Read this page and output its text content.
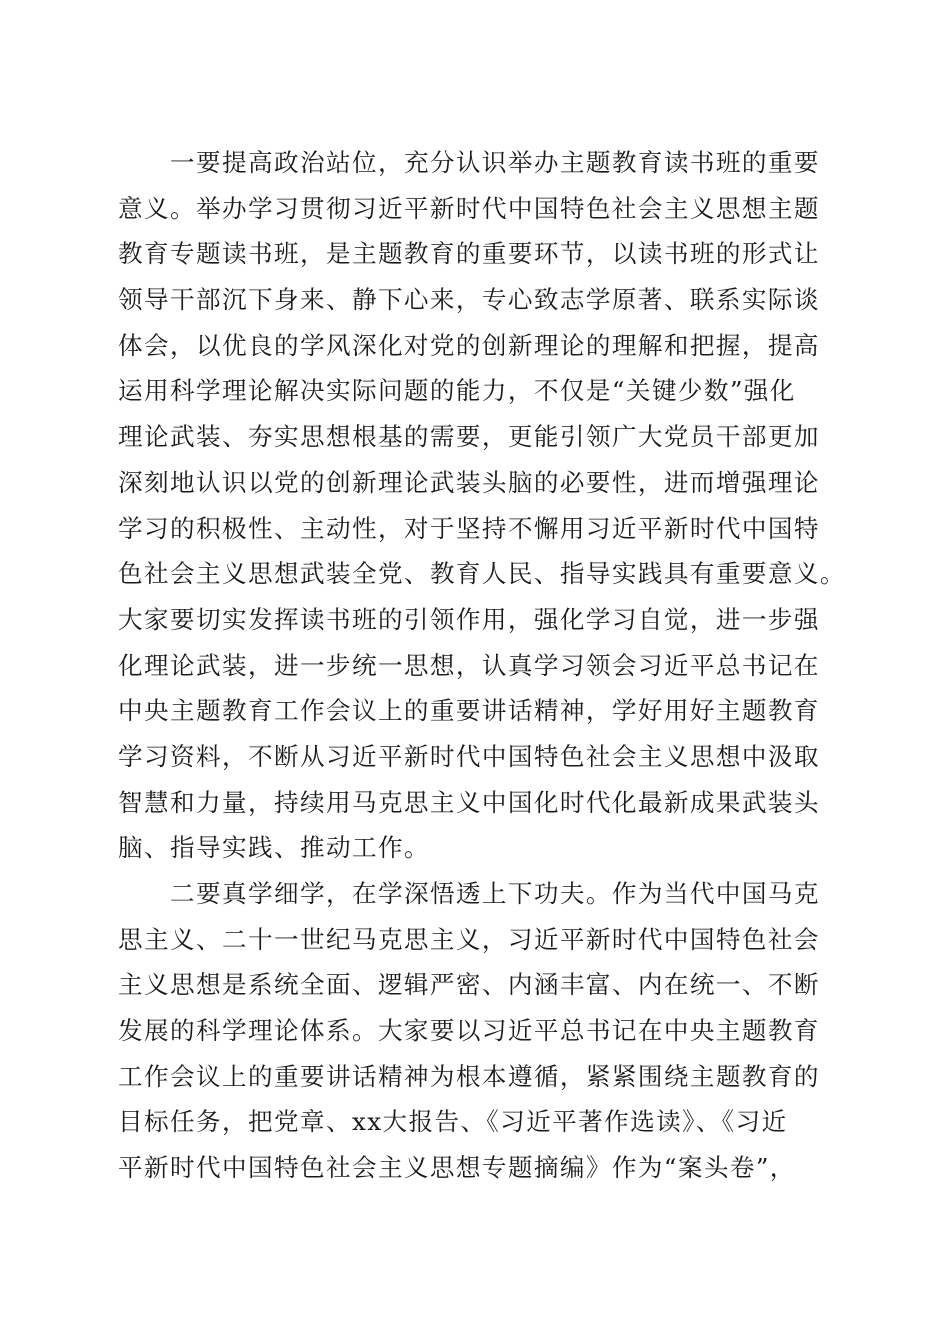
一要提高政治站位，充分认识举办主题教育读书班的重要
意义。举办学习贯彻习近平新时代中国特色社会主义思想主题
教育专题读书班，是主题教育的重要环节，以读书班的形式让
领导干部沉下身来、静下心来，专心致志学原著、联系实际谈
体会，以优良的学风深化对党的创新理论的理解和把握，提高
运用科学理论解决实际问题的能力，不仅是“关键少数”强化
理论武装、夯实思想根基的需要，更能引领广大党员干部更加
深刻地认识以党的创新理论武装头脑的必要性，进而增强理论
学习的积极性、主动性，对于坚持不懈用习近平新时代中国特
色社会主义思想武装全党、教育人民、指导实践具有重要意义。
大家要切实发挥读书班的引领作用，强化学习自觉，进一步强
化理论武装，进一步统一思想，认真学习领会习近平总书记在
中央主题教育工作会议上的重要讲话精神，学好用好主题教育
学习资料，不断从习近平新时代中国特色社会主义思想中汲取
智慧和力量，持续用马克思主义中国化时代化最新成果武装头
脑、指导实践、推动工作。
二要真学细学，在学深悟透上下功夫。作为当代中国马克
思主义、二十一世纪马克思主义，习近平新时代中国特色社会
主义思想是系统全面、逻辑严密、内涵丰富、内在统一、不断
发展的科学理论体系。大家要以习近平总书记在中央主题教育
工作会议上的重要讲话精神为根本遵循，紧紧围绕主题教育的
目标任务，把党章、xx大报告、《习近平著作选读》、《习近
平新时代中国特色社会主义思想专题摘编》作为“案头卷”，
